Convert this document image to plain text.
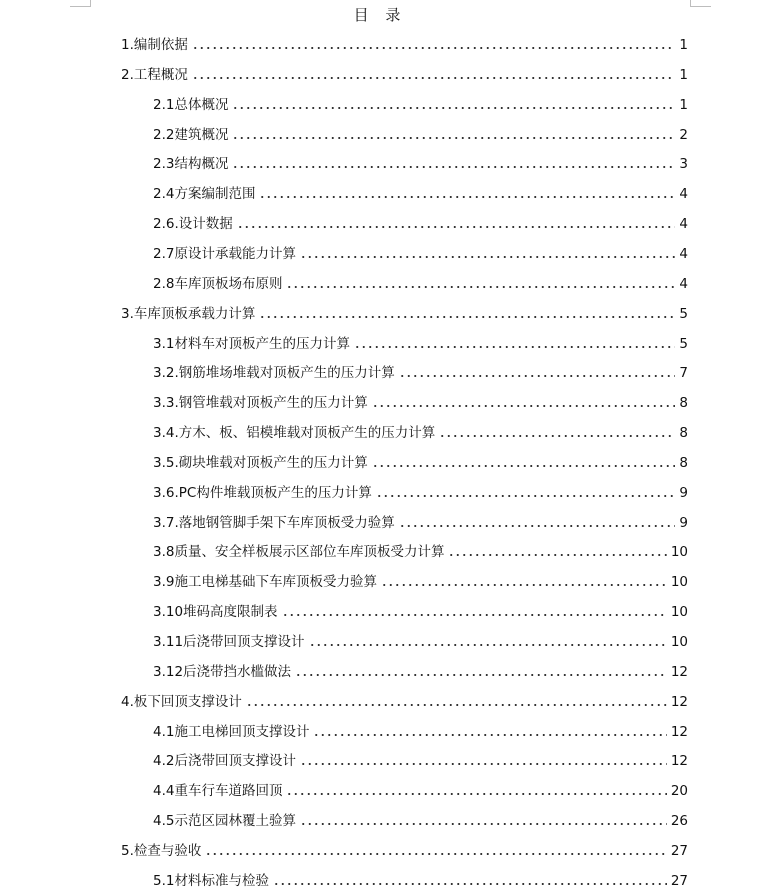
目 录
1.编制依据	1
2.工程概况	1
2.1总体概况	1
2.2建筑概况	2
2.3结构概况	3
2.4方案编制范围	4
2.6.设计数据	4
2.7原设计承载能力计算	4
2.8车库顶板场布原则	4
3.车库顶板承载力计算	5
3.1材料车对顶板产生的压力计算	5
3.2.钢筋堆场堆载对顶板产生的压力计算	7
3.3.钢管堆载对顶板产生的压力计算	8
3.4.方木、板、铝模堆载对顶板产生的压力计算	8
3.5.砌块堆载对顶板产生的压力计算	8
3.6.PC构件堆载顶板产生的压力计算	9
3.7.落地钢管脚手架下车库顶板受力验算	9
3.8质量、安全样板展示区部位车库顶板受力计算	10
3.9施工电梯基础下车库顶板受力验算	10
3.10堆码高度限制表	10
3.11后浇带回顶支撑设计	10
3.12后浇带挡水槛做法	12
4.板下回顶支撑设计	12
4.1施工电梯回顶支撑设计	12
4.2后浇带回顶支撑设计	12
4.4重车行车道路回顶	20
4.5示范区园林覆土验算	26
5.检查与验收	27
5.1材料标准与检验	27
